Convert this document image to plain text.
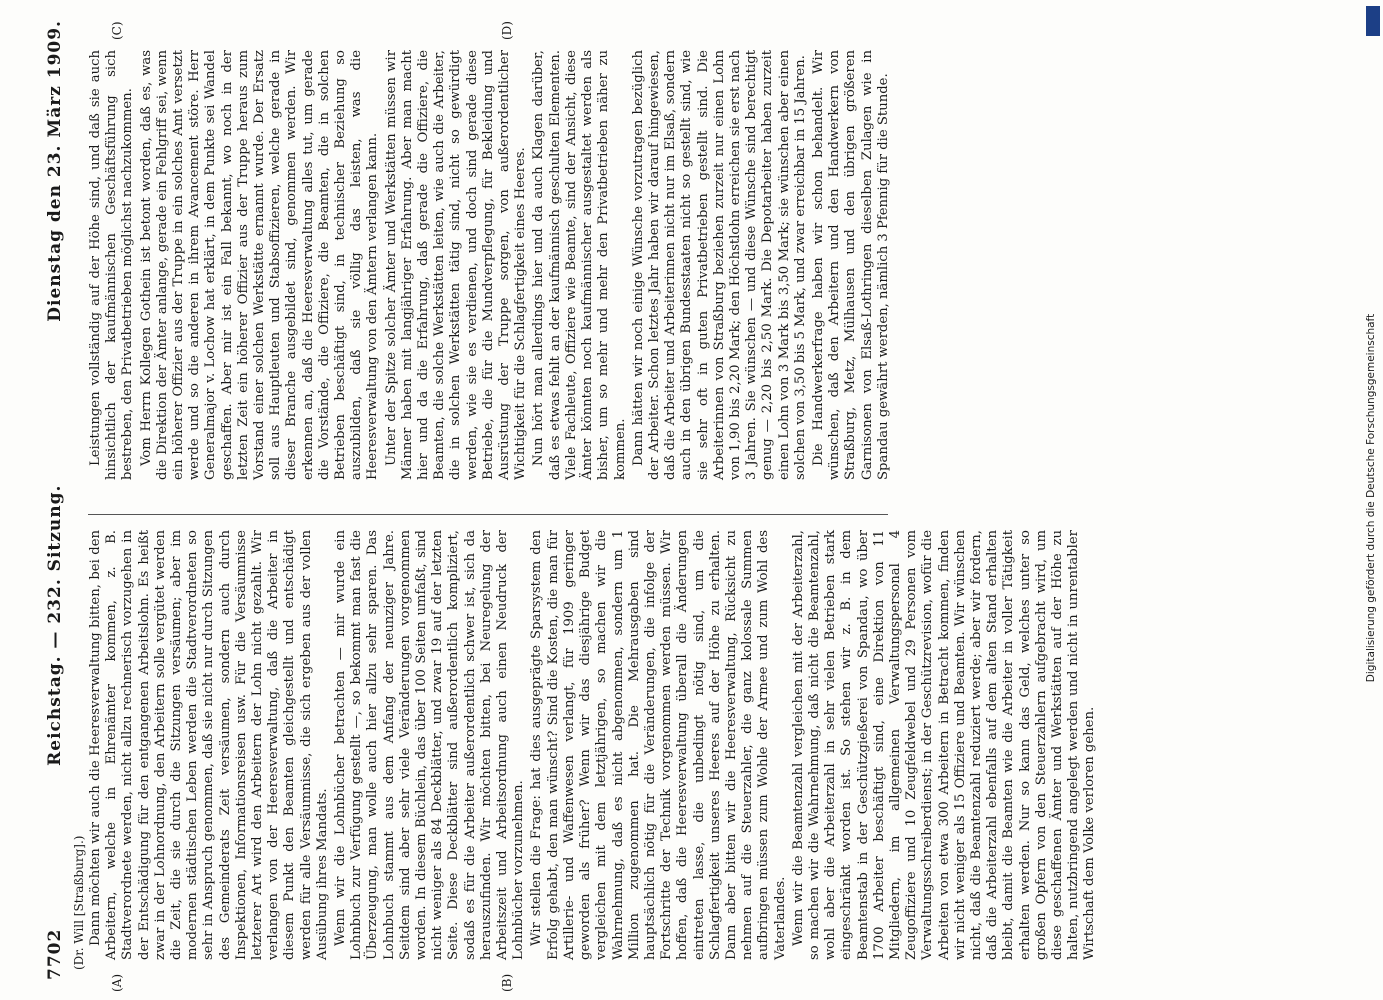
7702
Reichstag. — 232. Sitzung.
Dienstag den 23. März 1909.
(Dr. Will [Straßburg].)
(A)	(B)
(C)	(D)

Dann möchten wir auch die Heeresverwaltung bitten, bei den Arbeitern, welche in Ehrenämter kommen, z. B. Stadtverordnete werden, nicht allzu rechnerisch vorzugehen in der Entschädigung für den entgangenen Arbeitslohn. Es heißt zwar in der Lohnordnung, den Arbeitern solle vergütet werden die Zeit, die sie durch die Sitzungen versäumen; aber im modernen städtischen Leben werden die Stadtverordneten so sehr in Anspruch genommen, daß sie nicht nur durch Sitzungen des Gemeinderats Zeit versäumen, sondern auch durch Inspektionen, Informationsreisen usw. Für die Versäumnisse letzterer Art wird den Arbeitern der Lohn nicht gezahlt. Wir verlangen von der Heeresverwaltung, daß die Arbeiter in diesem Punkt den Beamten gleichgestellt und entschädigt werden für alle Versäumnisse, die sich ergeben aus der vollen Ausübung ihres Mandats. Wenn wir die Lohnbücher betrachten — mir wurde ein Lohnbuch zur Verfügung gestellt —, so bekommt man fast die Überzeugung, man wolle auch hier allzu sehr sparen. Das Lohnbuch stammt aus dem Anfang der neunziger Jahre. Seitdem sind aber sehr viele Veränderungen vorgenommen worden. In diesem Büchlein, das über 100 Seiten umfaßt, sind nicht weniger als 84 Deckblätter, und zwar 19 auf der letzten Seite. Diese Deckblätter sind außerordentlich kompliziert, sodaß es für die Arbeiter außerordentlich schwer ist, sich da herauszufinden. Wir möchten bitten, bei Neuregelung der Arbeitszeit und Arbeitsordnung auch einen Neudruck der Lohnbücher vorzunehmen. Wir stellen die Frage: hat dies ausgeprägte Sparsystem den Erfolg gehabt, den man wünscht? Sind die Kosten, die man für Artillerie- und Waffenwesen verlangt, für 1909 geringer geworden als früher? Wenn wir das diesjährige Budget vergleichen mit dem letztjährigen, so machen wir die Wahrnehmung, daß es nicht abgenommen, sondern um 1 Million zugenommen hat. Die Mehrausgaben sind hauptsächlich nötig für die Veränderungen, die infolge der Fortschritte der Technik vorgenommen werden müssen. Wir hoffen, daß die Heeresverwaltung überall die Änderungen eintreten lasse, die unbedingt nötig sind, um die Schlagfertigkeit unseres Heeres auf der Höhe zu erhalten. Dann aber bitten wir die Heeresverwaltung, Rücksicht zu nehmen auf die Steuerzahler, die ganz kolossale Summen aufbringen müssen zum Wohle der Armee und zum Wohl des Vaterlandes. Wenn wir die Beamtenzahl vergleichen mit der Arbeiterzahl, so machen wir die Wahrnehmung, daß nicht die Beamtenzahl, wohl aber die Arbeiterzahl in sehr vielen Betrieben stark eingeschränkt worden ist. So stehen wir z. B. in dem Beamtenstab in der Geschützgießerei von Spandau, wo über 1700 Arbeiter beschäftigt sind, eine Direktion von 11 Mitgliedern, im allgemeinen Verwaltungspersonal 4 Zeugoffiziere und 10 Zeugfeldwebel und 29 Personen vom Verwaltungsschreiberdienst; in der Geschützrevision, wofür die Arbeiten von etwa 300 Arbeitern in Betracht kommen, finden wir nicht weniger als 15 Offiziere und Beamten. Wir wünschen nicht, daß die Beamtenzahl reduziert werde; aber wir fordern, daß die Arbeiterzahl ebenfalls auf dem alten Stand erhalten bleibt, damit die Beamten wie die Arbeiter in voller Tätigkeit erhalten werden. Nur so kann das Geld, welches unter so großen Opfern von den Steuerzahlern aufgebracht wird, um diese geschaffenen Ämter und Werkstätten auf der Höhe zu halten, nutzbringend angelegt werden und nicht in unrentabler Wirtschaft dem Volke verloren gehen.

Leistungen vollständig auf der Höhe sind, und daß sie auch hinsichtlich der kaufmännischen Geschäftsführung sich bestreben, den Privatbetrieben möglichst nachzukommen. Vom Herrn Kollegen Gothein ist betont worden, daß es, was die Direktion der Ämter anlange, gerade ein Fehlgriff sei, wenn ein höherer Offizier aus der Truppe in ein solches Amt versetzt werde und so die anderen in ihrem Avancement störe. Herr Generalmajor v. Lochow hat erklärt, in dem Punkte sei Wandel geschaffen. Aber mir ist ein Fall bekannt, wo noch in der letzten Zeit ein höherer Offizier aus der Truppe heraus zum Vorstand einer solchen Werkstätte ernannt wurde. Der Ersatz soll aus Hauptleuten und Stabsoffizieren, welche gerade in dieser Branche ausgebildet sind, genommen werden. Wir erkennen an, daß die Heeresverwaltung alles tut, um gerade die Vorstände, die Offiziere, die Beamten, die in solchen Betrieben beschäftigt sind, in technischer Beziehung so auszubilden, daß sie völlig das leisten, was die Heeresverwaltung von den Ämtern verlangen kann. Unter der Spitze solcher Ämter und Werkstätten müssen wir Männer haben mit langjähriger Erfahrung. Aber man macht hier und da die Erfahrung, daß gerade die Offiziere, die Beamten, die solche Werkstätten leiten, wie auch die Arbeiter, die in solchen Werkstätten tätig sind, nicht so gewürdigt werden, wie sie es verdienen, und doch sind gerade diese Betriebe, die für die Mundverpflegung, für Bekleidung und Ausrüstung der Truppe sorgen, von außerordentlicher Wichtigkeit für die Schlagfertigkeit eines Heeres. Nun hört man allerdings hier und da auch Klagen darüber, daß es etwas fehlt an der kaufmännisch geschulten Elementen. Viele Fachleute, Offiziere wie Beamte, sind der Ansicht, diese Ämter könnten noch kaufmännischer ausgestaltet werden als bisher, um so mehr und mehr den Privatbetrieben näher zu kommen. Dann hätten wir noch einige Wünsche vorzutragen bezüglich der Arbeiter. Schon letztes Jahr haben wir darauf hingewiesen, daß die Arbeiter und Arbeiterinnen nicht nur im Elsaß, sondern auch in den übrigen Bundesstaaten nicht so gestellt sind, wie sie sehr oft in guten Privatbetrieben gestellt sind. Die Arbeiterinnen von Straßburg beziehen zurzeit nur einen Lohn von 1,90 bis 2,20 Mark; den Höchstlohn erreichen sie erst nach 3 Jahren. Sie wünschen — und diese Wünsche sind berechtigt genug — 2,20 bis 2,50 Mark. Die Depotarbeiter haben zurzeit einen Lohn von 3 Mark bis 3,50 Mark; sie wünschen aber einen solchen von 3,50 bis 5 Mark, und zwar erreichbar in 15 Jahren. Die Handwerkerfrage haben wir schon behandelt. Wir wünschen, daß den Arbeitern und den Handwerkern von Straßburg, Metz, Mülhausen und den übrigen größeren Garnisonen von Elsaß-Lothringen dieselben Zulagen wie in Spandau gewährt werden, nämlich 3 Pfennig für die Stunde.

Digitalisierung gefördert durch die Deutsche Forschungsgemeinschaft
